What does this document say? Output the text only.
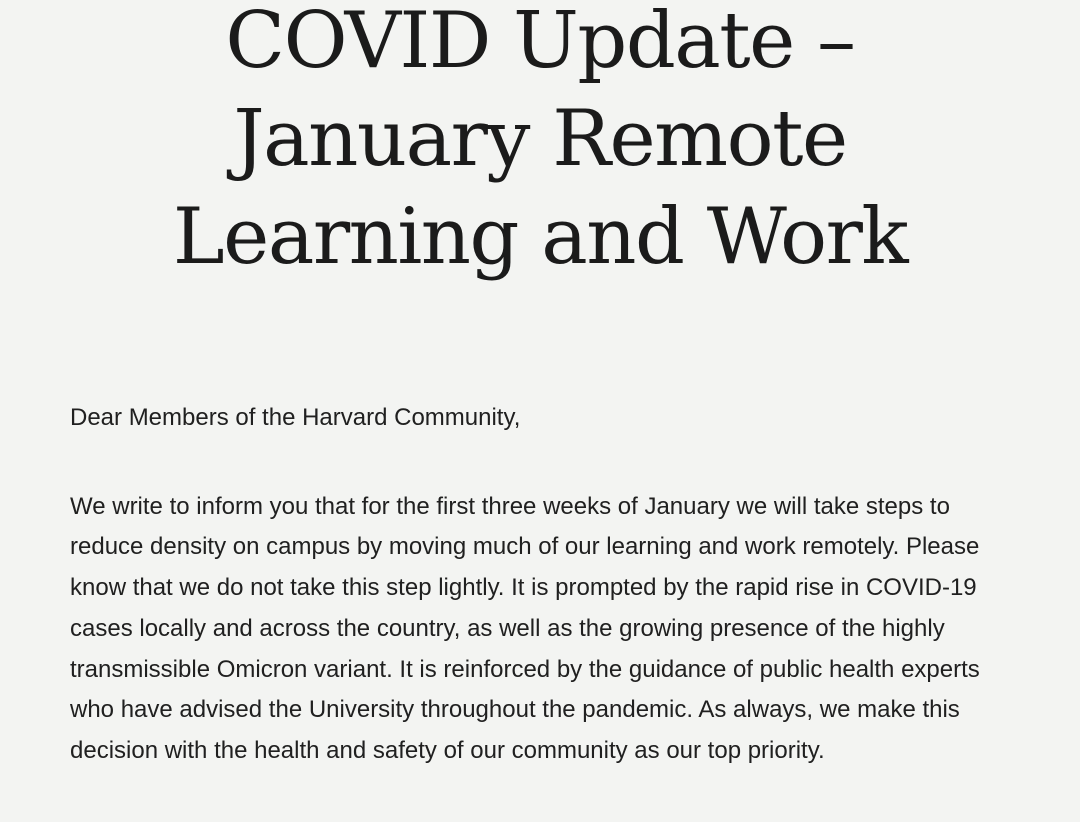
COVID Update –
January Remote
Learning and Work

Dear Members of the Harvard Community,

We write to inform you that for the first three weeks of January we will take steps to reduce density on campus by moving much of our learning and work remotely. Please know that we do not take this step lightly. It is prompted by the rapid rise in COVID-19 cases locally and across the country, as well as the growing presence of the highly transmissible Omicron variant. It is reinforced by the guidance of public health experts who have advised the University throughout the pandemic. As always, we make this decision with the health and safety of our community as our top priority.
